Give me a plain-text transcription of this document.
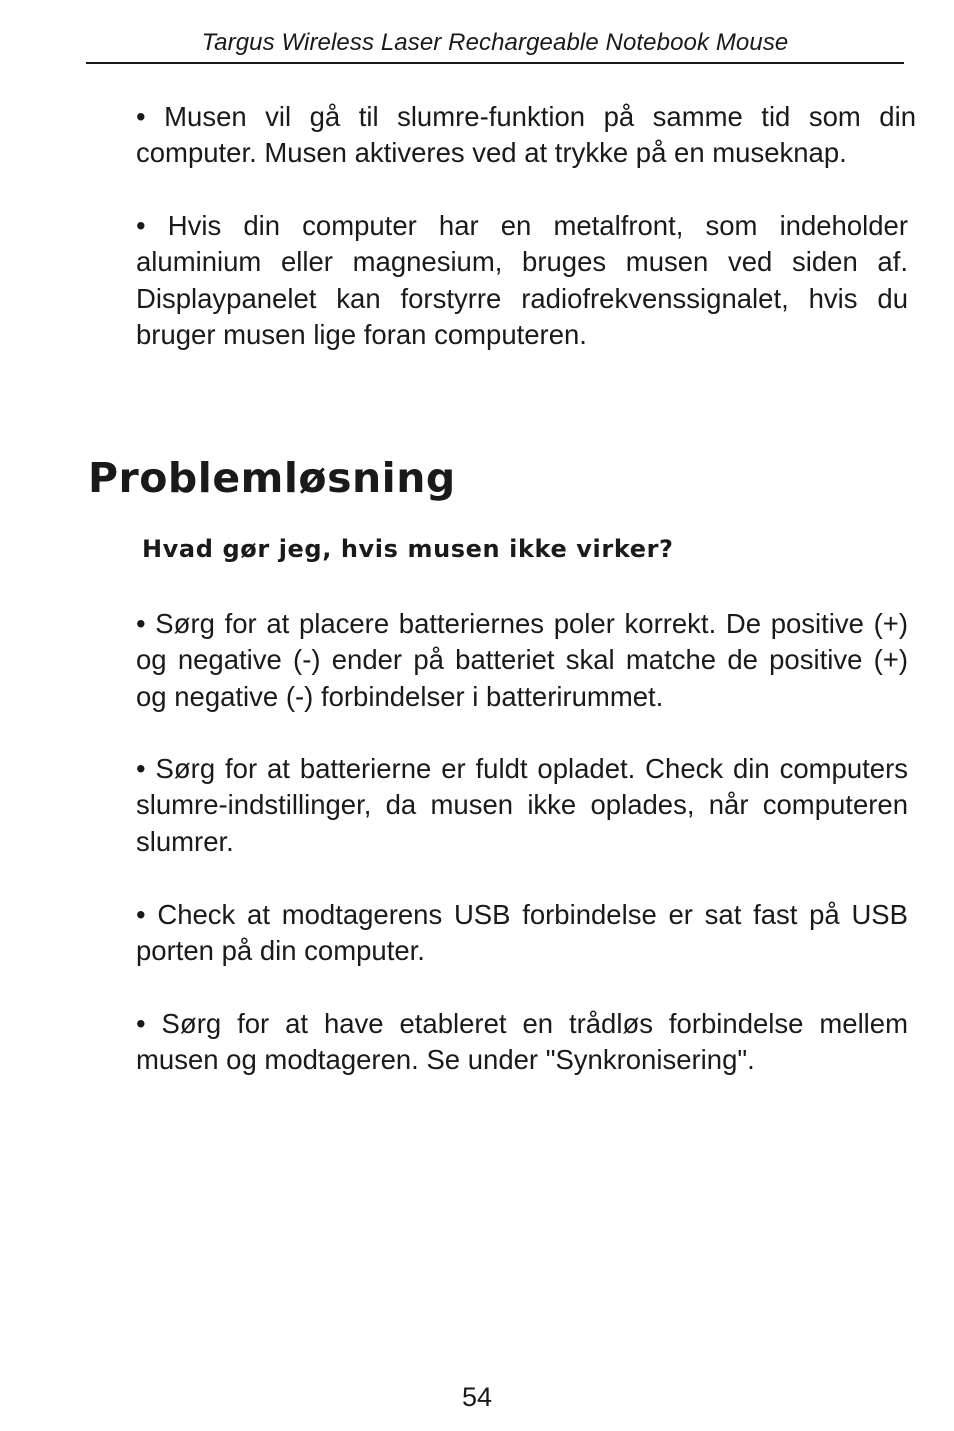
Targus Wireless Laser Rechargeable Notebook Mouse

• Musen vil gå til slumre-funktion på samme tid som din computer. Musen aktiveres ved at trykke på en museknap.

• Hvis din computer har en metalfront, som indeholder aluminium eller magnesium, bruges musen ved siden af. Displaypanelet kan forstyrre radiofrekvenssignalet, hvis du bruger musen lige foran computeren.

Problemløsning
Hvad gør jeg, hvis musen ikke virker?

• Sørg for at placere batteriernes poler korrekt. De positive (+) og negative (-) ender på batteriet skal matche de positive (+) og negative (-) forbindelser i batterirummet.

• Sørg for at batterierne er fuldt opladet. Check din computers slumre-indstillinger, da musen ikke oplades, når computeren slumrer.

• Check at modtagerens USB forbindelse er sat fast på USB porten på din computer.

• Sørg for at have etableret en trådløs forbindelse mellem musen og modtageren. Se under "Synkronisering".

54
